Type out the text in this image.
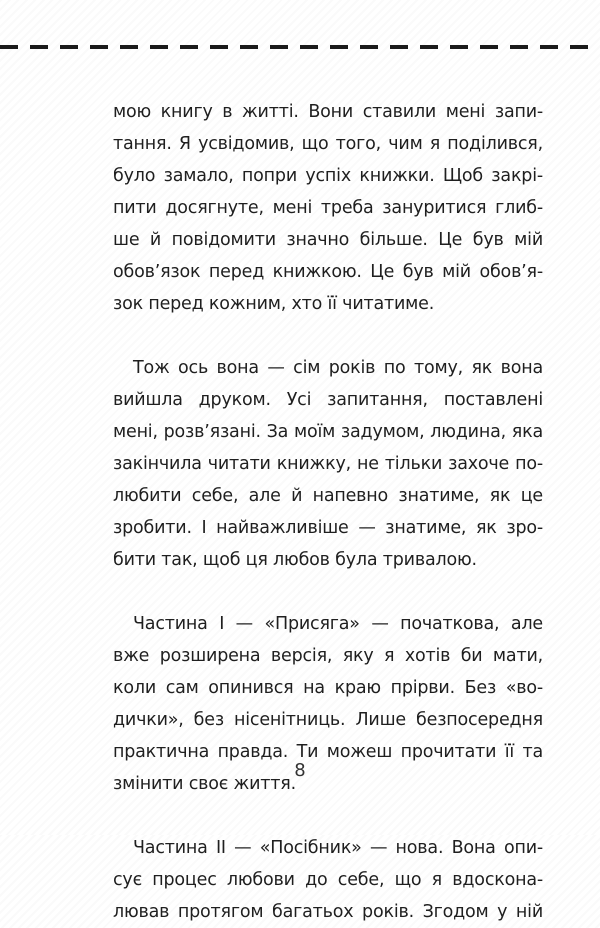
мою книгу в житті. Вони ставили мені запи-
тання. Я усвідомив, що того, чим я поділився,
було замало, попри успіх книжки. Щоб закрі-
пити досягнуте, мені треба зануритися глиб-
ше й повідомити значно більше. Це був мій
обов’язок перед книжкою. Це був мій обов’я-
зок перед кожним, хто її читатиме.
Тож ось вона — сім років по тому, як вона
вийшла друком. Усі запитання, поставлені
мені, розв’язані. За моїм задумом, людина, яка
закінчила читати книжку, не тільки захоче по-
любити себе, але й напевно знатиме, як це
зробити. І найважливіше — знатиме, як зро-
бити так, щоб ця любов була тривалою.
Частина I — «Присяга» — початкова, але
вже розширена версія, яку я хотів би мати,
коли сам опинився на краю прірви. Без «во-
дички», без нісенітниць. Лише безпосередня
практична правда. Ти можеш прочитати її та
змінити своє життя.
Частина II — «Посібник» — нова. Вона опи-
сує процес любови до себе, що я вдоскона-
лював протягом багатьох років. Згодом у ній
8
